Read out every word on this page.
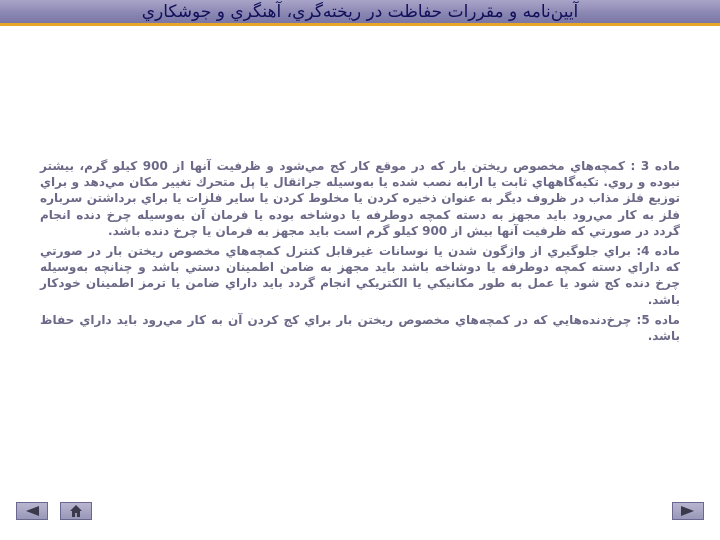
آيين‌نامه و مقررات حفاظت در ريخته‌گري، آهنگري و جوشكاري

ماده 3 : كمچه‌هاي مخصوص ريختن بار كه در موقع كار كج مي‌شود و ظرفيت آنها از 900 كيلو گرم، بيشتر نبوده و روي. تكيه‌گاههاي ثابت يا ارابه نصب شده يا به‌وسيله جراثقال يا پل متحرك تغيير مكان مي‌دهد و براي توزيع فلز مذاب در ظروف ديگر به عنوان ذخيره كردن يا مخلوط كردن يا ساير فلزات يا براي برداشتن سرباره فلز به كار مي‌رود بايد مجهز به دسته كمچه دوطرفه يا دوشاخه بوده يا فرمان آن به‌وسيله چرخ دنده انجام گردد در صورتي كه ظرفيت آنها بيش از 900 كيلو گرم است بايد مجهز به فرمان يا چرخ دنده باشد.

ماده 4: براي جلوگيري از واژگون شدن يا نوسانات غيرقابل كنترل كمچه‌هاي مخصوص ريختن بار در صورتي كه داراي دسته كمچه دوطرفه يا دوشاخه باشد بايد مجهز به ضامن اطمينان دستي باشد و چنانچه به‌وسيله چرخ دنده كج شود يا عمل به طور مكانيكي يا الكتريكي انجام گردد بايد داراي ضامن يا ترمز اطمينان خودكار باشد.

ماده 5: چرخ‌دنده‌هايي كه در كمچه‌هاي مخصوص ريختن بار براي كج كردن آن به كار مي‌رود بايد داراي حفاظ باشد.
